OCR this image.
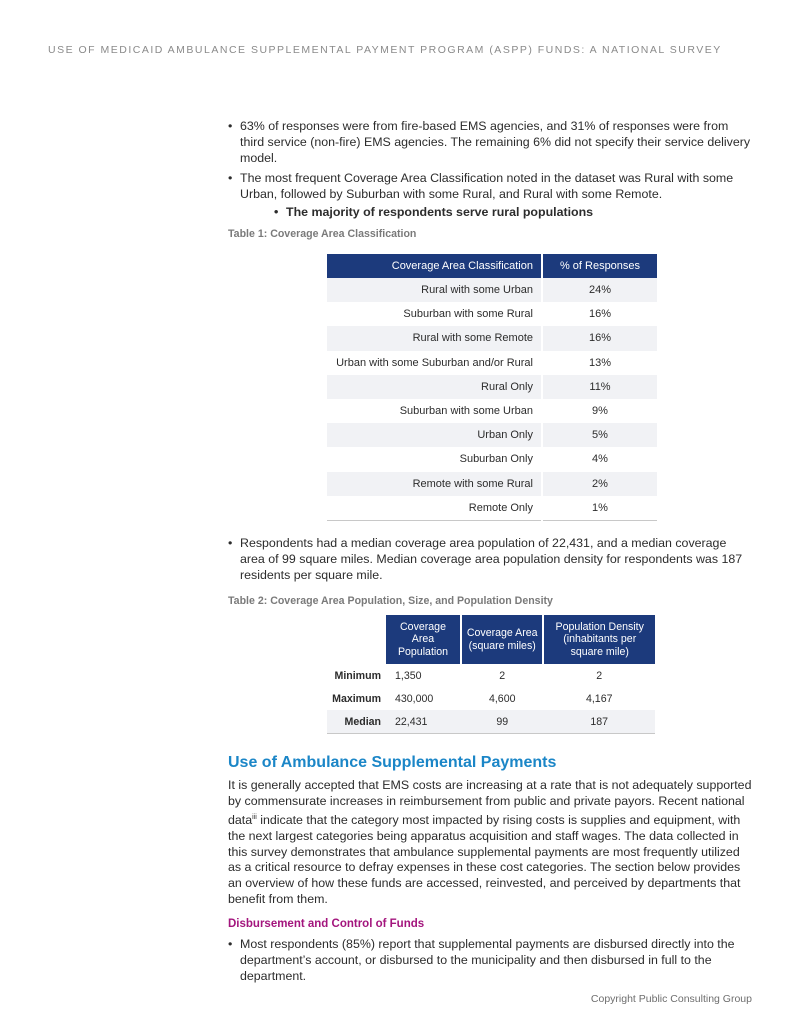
USE OF MEDICAID AMBULANCE SUPPLEMENTAL PAYMENT PROGRAM (ASPP) FUNDS: A NATIONAL SURVEY
• 63% of responses were from fire-based EMS agencies, and 31% of responses were from third service (non-fire) EMS agencies. The remaining 6% did not specify their service delivery model.
• The most frequent Coverage Area Classification noted in the dataset was Rural with some Urban, followed by Suburban with some Rural, and Rural with some Remote.
• The majority of respondents serve rural populations
Table 1: Coverage Area Classification
Coverage Area Classification	% of Responses
Rural with some Urban	24%
Suburban with some Rural	16%
Rural with some Remote	16%
Urban with some Suburban and/or Rural	13%
Rural Only	11%
Suburban with some Urban	9%
Urban Only	5%
Suburban Only	4%
Remote with some Rural	2%
Remote Only	1%
• Respondents had a median coverage area population of 22,431, and a median coverage area of 99 square miles. Median coverage area population density for respondents was 187 residents per square mile.
Table 2: Coverage Area Population, Size, and Population Density
	Coverage Area Population	Coverage Area (square miles)	Population Density (inhabitants per square mile)
Minimum	1,350	2	2
Maximum	430,000	4,600	4,167
Median	22,431	99	187
Use of Ambulance Supplemental Payments

It is generally accepted that EMS costs are increasing at a rate that is not adequately supported by commensurate increases in reimbursement from public and private payors. Recent national data$^{iii}$ indicate that the category most impacted by rising costs is supplies and equipment, with the next largest categories being apparatus acquisition and staff wages. The data collected in this survey demonstrates that ambulance supplemental payments are most frequently utilized as a critical resource to defray expenses in these cost categories. The section below provides an overview of how these funds are accessed, reinvested, and perceived by departments that benefit from them.

Disbursement and Control of Funds
• Most respondents (85%) report that supplemental payments are disbursed directly into the department’s account, or disbursed to the municipality and then disbursed in full to the department.
Copyright Public Consulting Group
